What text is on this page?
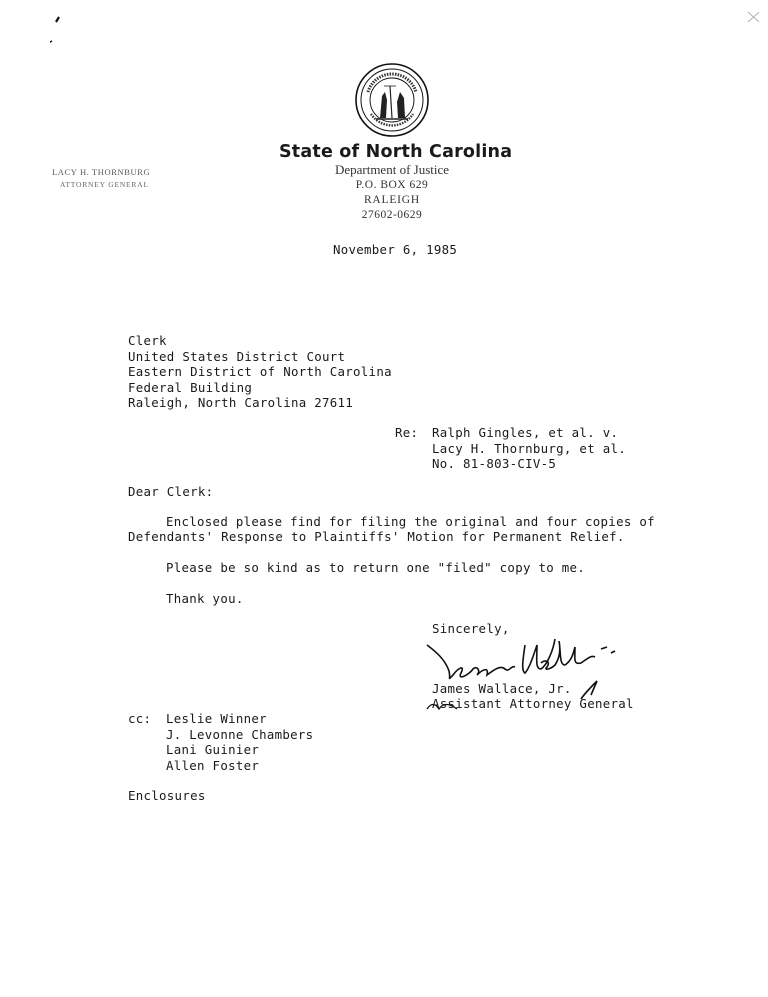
LACY H. THORNBURG
ATTORNEY GENERAL
State of North Carolina
Department of Justice
P.O. BOX 629
RALEIGH
27602-0629
November 6, 1985
Clerk
United States District Court
Eastern District of North Carolina
Federal Building
Raleigh, North Carolina 27611
Re: Ralph Gingles, et al. v.
Lacy H. Thornburg, et al.
No. 81-803-CIV-5
Dear Clerk:
Enclosed please find for filing the original and four copies of
Defendants' Response to Plaintiffs' Motion for Permanent Relief.
Please be so kind as to return one "filed" copy to me.
Thank you.
Sincerely,
James Wallace, Jr.
Assistant Attorney General
cc: Leslie Winner
J. Levonne Chambers
Lani Guinier
Allen Foster
Enclosures
